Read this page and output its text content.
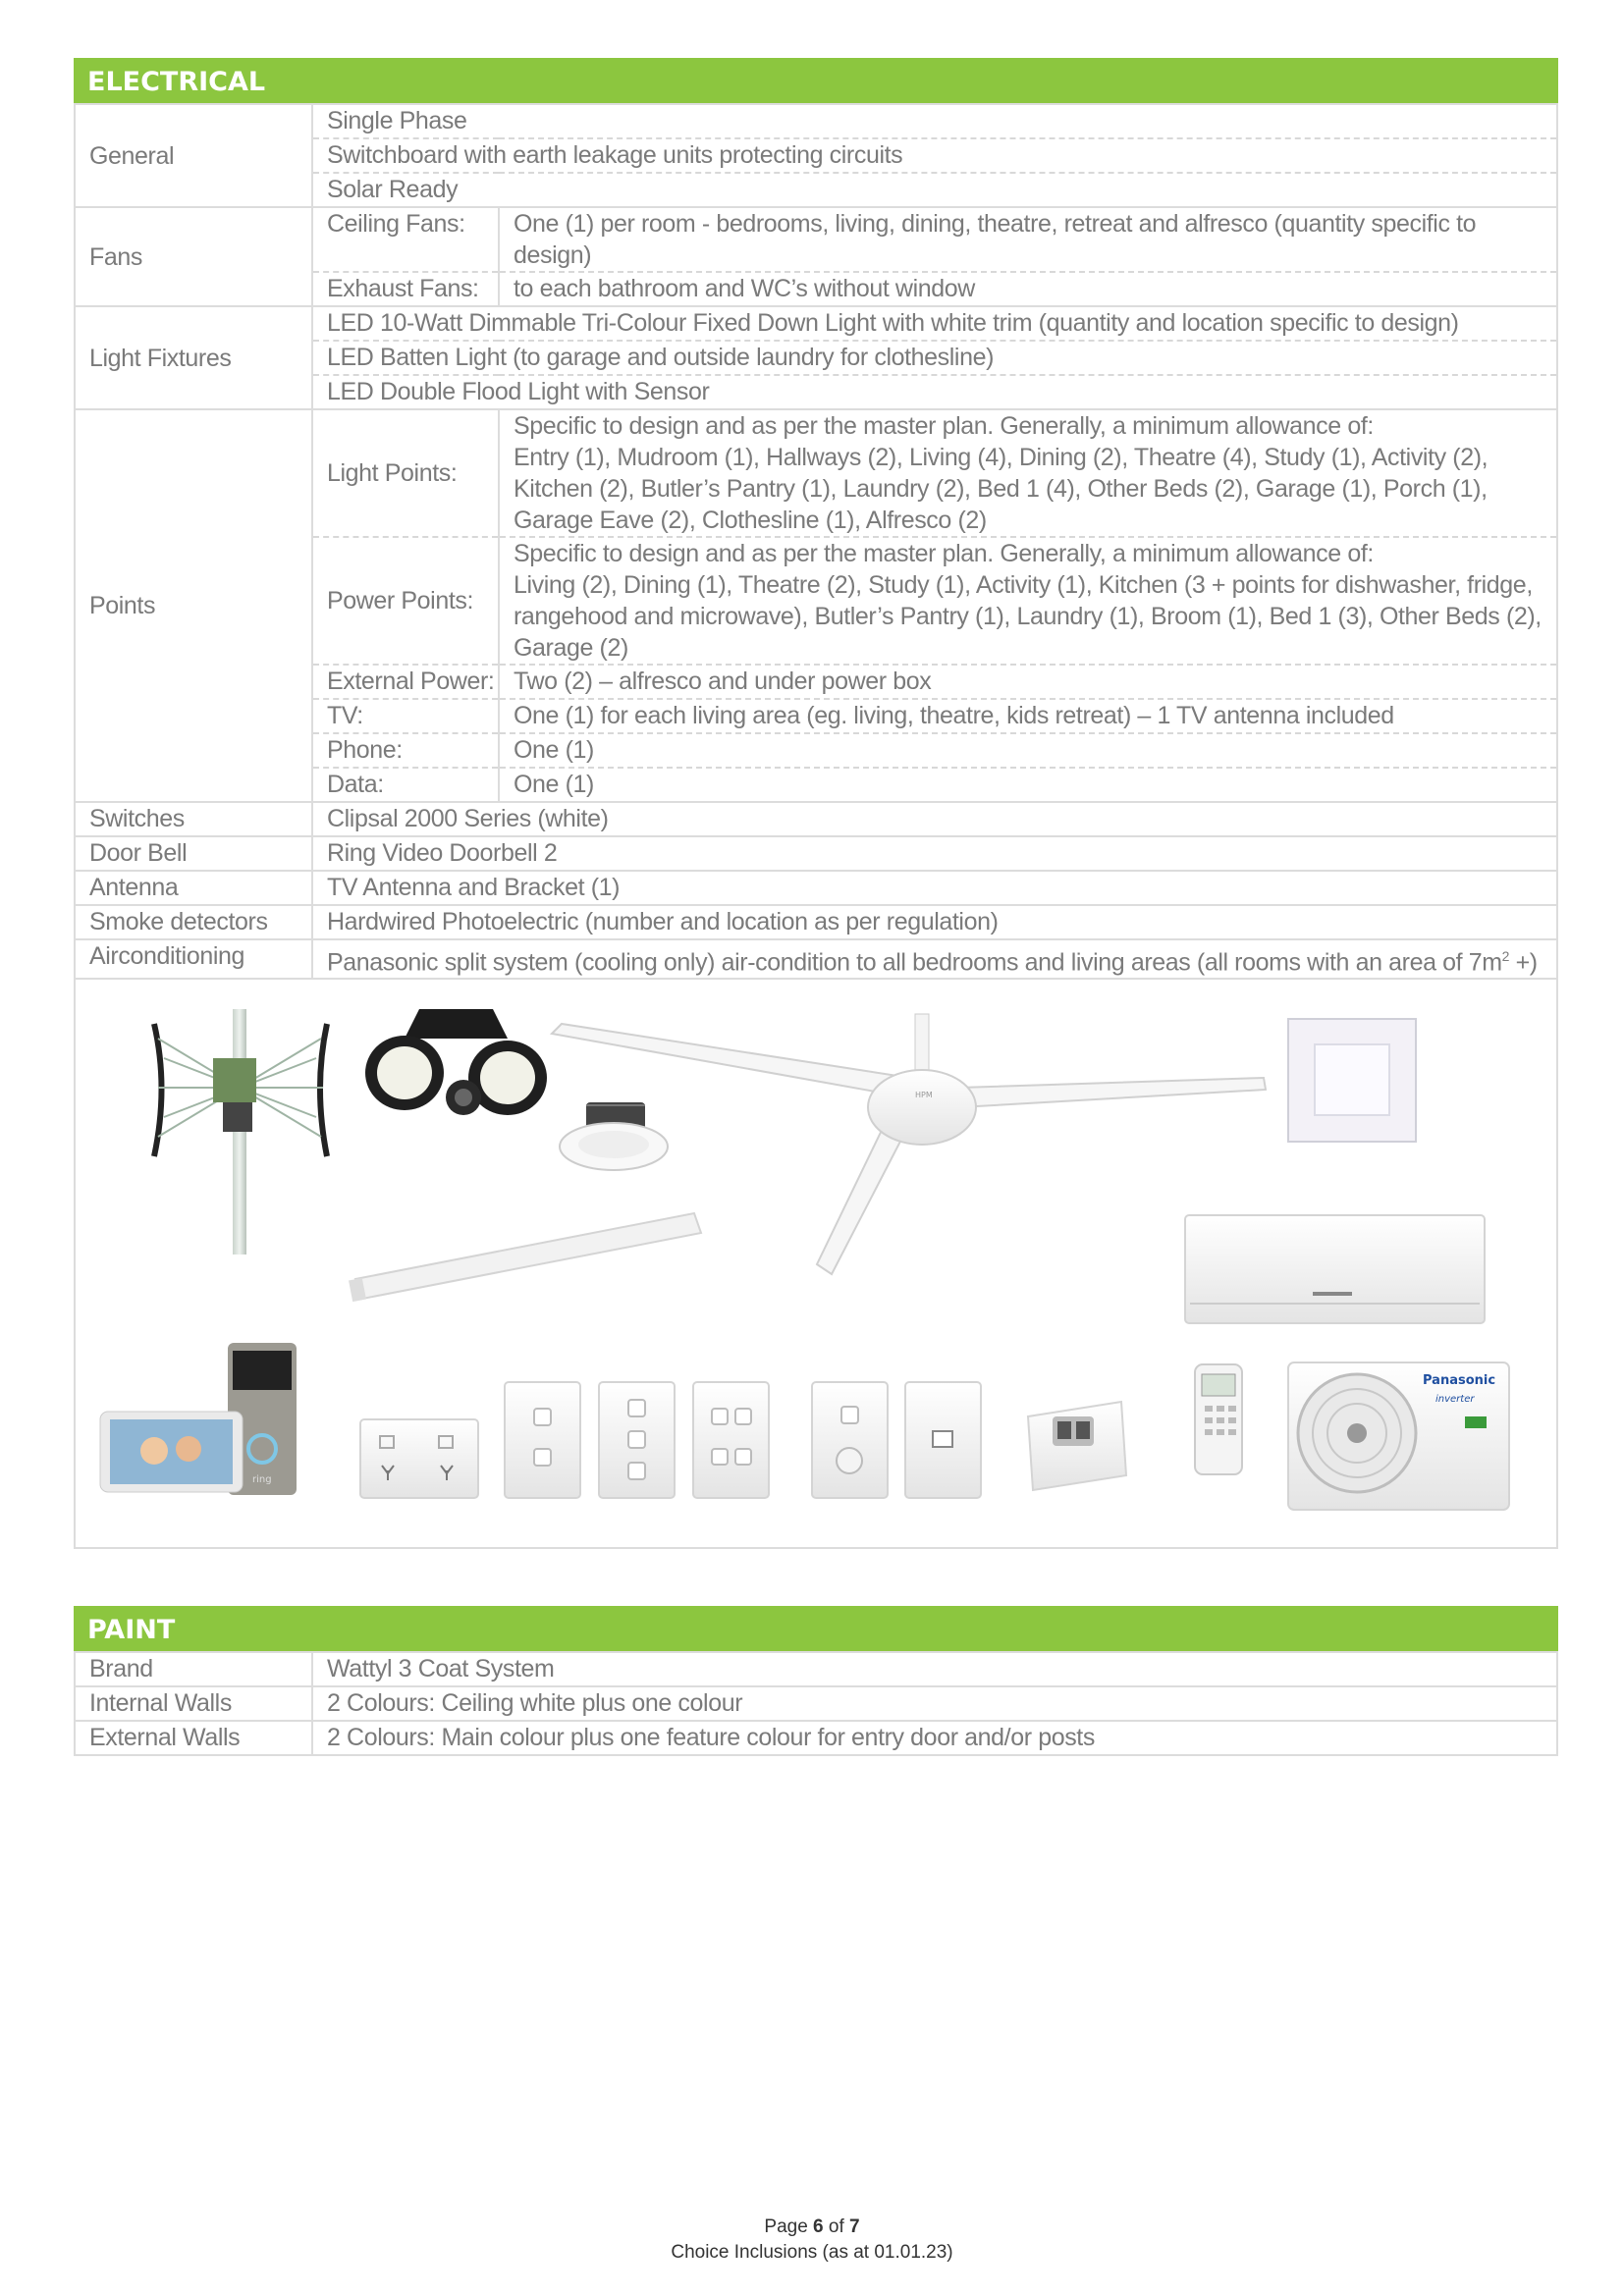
ELECTRICAL
General	Single Phase	
	Switchboard with earth leakage units protecting circuits	
	Solar Ready	
Fans	Ceiling Fans:	One (1) per room - bedrooms, living, dining, theatre, retreat and alfresco (quantity specific to design)
	Exhaust Fans:	to each bathroom and WC’s without window
Light Fixtures	LED 10-Watt Dimmable Tri-Colour Fixed Down Light with white trim (quantity and location specific to design)	
	LED Batten Light (to garage and outside laundry for clothesline)	
	LED Double Flood Light with Sensor	
Points	Light Points:	Specific to design and as per the master plan. Generally, a minimum allowance of:
Entry (1), Mudroom (1), Hallways (2), Living (4), Dining (2), Theatre (4), Study (1), Activity (2),
Kitchen (2), Butler’s Pantry (1), Laundry (2), Bed 1 (4), Other Beds (2), Garage (1), Porch (1),
Garage Eave (2), Clothesline (1), Alfresco (2)

	Power Points:	Specific to design and as per the master plan. Generally, a minimum allowance of:
Living (2), Dining (1), Theatre (2), Study (1), Activity (1), Kitchen (3 + points for dishwasher, fridge,
rangehood and microwave), Butler’s Pantry (1), Laundry (1), Broom (1), Bed 1 (3), Other Beds (2),
Garage (2)

	External Power:	Two (2) – alfresco and under power box
	TV:	One (1) for each living area (eg. living, theatre, kids retreat) – 1 TV antenna included
	Phone:	One (1)
	Data:	One (1)
Switches	Clipsal 2000 Series (white)	
Door Bell	Ring Video Doorbell 2	
Antenna	TV Antenna and Bracket (1)	
Smoke detectors	Hardwired Photoelectric (number and location as per regulation)	
Airconditioning	Panasonic split system (cooling only) air-condition to all bedrooms and living areas (all rooms with an area of $7m^2$ +)	
HPM
ring
Panasonic
inverter
PAINT
Brand	Wattyl 3 Coat System
Internal Walls	2 Colours: Ceiling white plus one colour
External Walls	2 Colours: Main colour plus one feature colour for entry door and/or posts
Page 6 of 7
Choice Inclusions (as at 01.01.23)
